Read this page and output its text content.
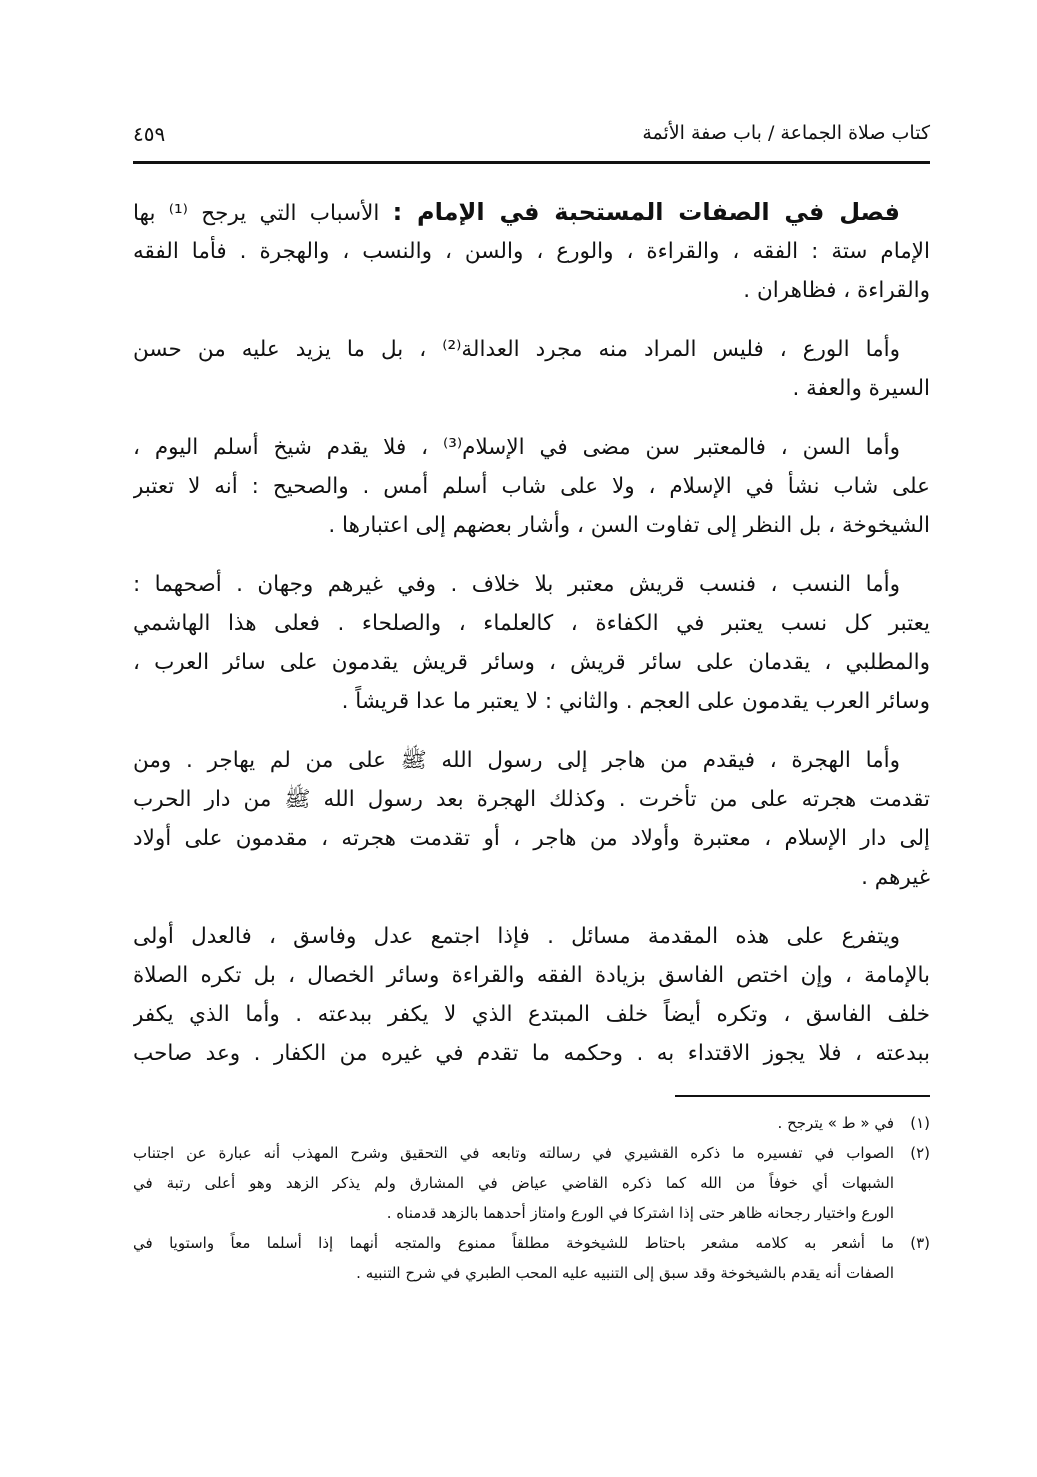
كتاب صلاة الجماعة / باب صفة الأئمة
٤٥٩
فصل في الصفات المستحبة في الإمام : الأسباب التي يرجح ⁽¹⁾ بها
الإمام ستة : الفقه ، والقراءة ، والورع ، والسن ، والنسب ، والهجرة . فأما الفقه
والقراءة ، فظاهران .
وأما الورع ، فليس المراد منه مجرد العدالة⁽²⁾ ، بل ما يزيد عليه من حسن
السيرة والعفة .
وأما السن ، فالمعتبر سن مضى في الإسلام⁽³⁾ ، فلا يقدم شيخ أسلم اليوم ،
على شاب نشأ في الإسلام ، ولا على شاب أسلم أمس . والصحيح : أنه لا تعتبر
الشيخوخة ، بل النظر إلى تفاوت السن ، وأشار بعضهم إلى اعتبارها .
وأما النسب ، فنسب قريش معتبر بلا خلاف . وفي غيرهم وجهان . أصحهما :
يعتبر كل نسب يعتبر في الكفاءة ، كالعلماء ، والصلحاء . فعلى هذا الهاشمي
والمطلبي ، يقدمان على سائر قريش ، وسائر قريش يقدمون على سائر العرب ،
وسائر العرب يقدمون على العجم . والثاني : لا يعتبر ما عدا قريشاً .
وأما الهجرة ، فيقدم من هاجر إلى رسول الله ﷺ على من لم يهاجر . ومن
تقدمت هجرته على من تأخرت . وكذلك الهجرة بعد رسول الله ﷺ من دار الحرب
إلى دار الإسلام ، معتبرة وأولاد من هاجر ، أو تقدمت هجرته ، مقدمون على أولاد
غيرهم .
ويتفرع على هذه المقدمة مسائل . فإذا اجتمع عدل وفاسق ، فالعدل أولى
بالإمامة ، وإن اختص الفاسق بزيادة الفقه والقراءة وسائر الخصال ، بل تكره الصلاة
خلف الفاسق ، وتكره أيضاً خلف المبتدع الذي لا يكفر ببدعته . وأما الذي يكفر
ببدعته ، فلا يجوز الاقتداء به . وحكمه ما تقدم في غيره من الكفار . وعد صاحب
(١)
في « ط » يترجح .
(٢)
الصواب في تفسيره ما ذكره القشيري في رسالته وتابعه في التحقيق وشرح المهذب أنه عبارة عن اجتناب
الشبهات أي خوفاً من الله كما ذكره القاضي عياض في المشارق ولم يذكر الزهد وهو أعلى رتبة في
الورع واختيار رجحانه ظاهر حتى إذا اشتركا في الورع وامتاز أحدهما بالزهد قدمناه .
(٣)
ما أشعر به كلامه مشعر باحتاط للشيخوخة مطلقاً ممنوع والمتجه أنهما إذا أسلما معاً واستويا في
الصفات أنه يقدم بالشيخوخة وقد سبق إلى التنبيه عليه المحب الطبري في شرح التنبيه .
